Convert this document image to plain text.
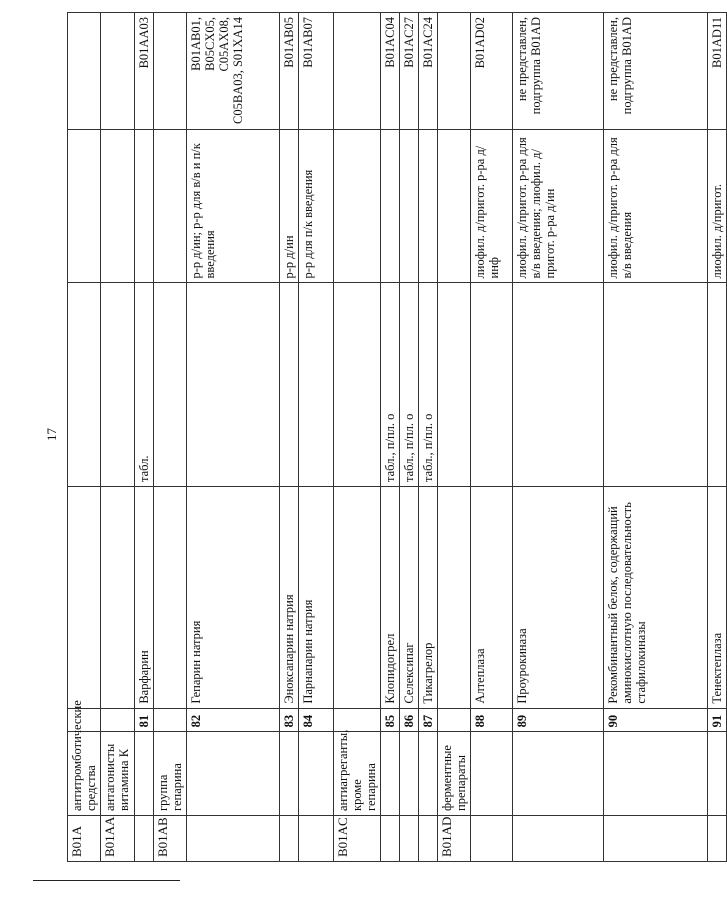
17
B01A	антитромботические средства					
B01AA	антагонисты витамина К					
		81	Варфарин	табл.		B01AA03
B01AB	группа гепарина					
		82	Гепарин натрия		р-р д/ин; р-р для в/в и п/к введения	B01AB01, B05CX05, C05AX08, C05BA03, S01XA14
		83	Эноксапарин натрия		р-р д/ин	B01AB05
		84	Парнапарин натрия		р-р для п/к введения	B01AB07
B01AC	антиагреганты, кроме гепарина					
		85	Клопидогрел	табл., п/пл. о		B01AC04
		86	Селексипаг	табл., п/пл. о		B01AC27
		87	Тикагрелор	табл., п/пл. о		B01AC24
B01AD	ферментные препараты					
		88	Алтеплаза		лиофил. д/пригот. р-ра д/инф	B01AD02
		89	Проурокиназа		лиофил. д/пригот. р-ра для в/в введения; лиофил. д/пригот. р-ра д/ин	не представлен, подгруппа B01AD
		90	Рекомбинантный белок, содержащий аминокислотную последовательность стафилокиназы		лиофил. д/пригот. р-ра для в/в введения	не представлен, подгруппа B01AD
		91	Тенектеплаза		лиофил. д/пригот.	B01AD11
